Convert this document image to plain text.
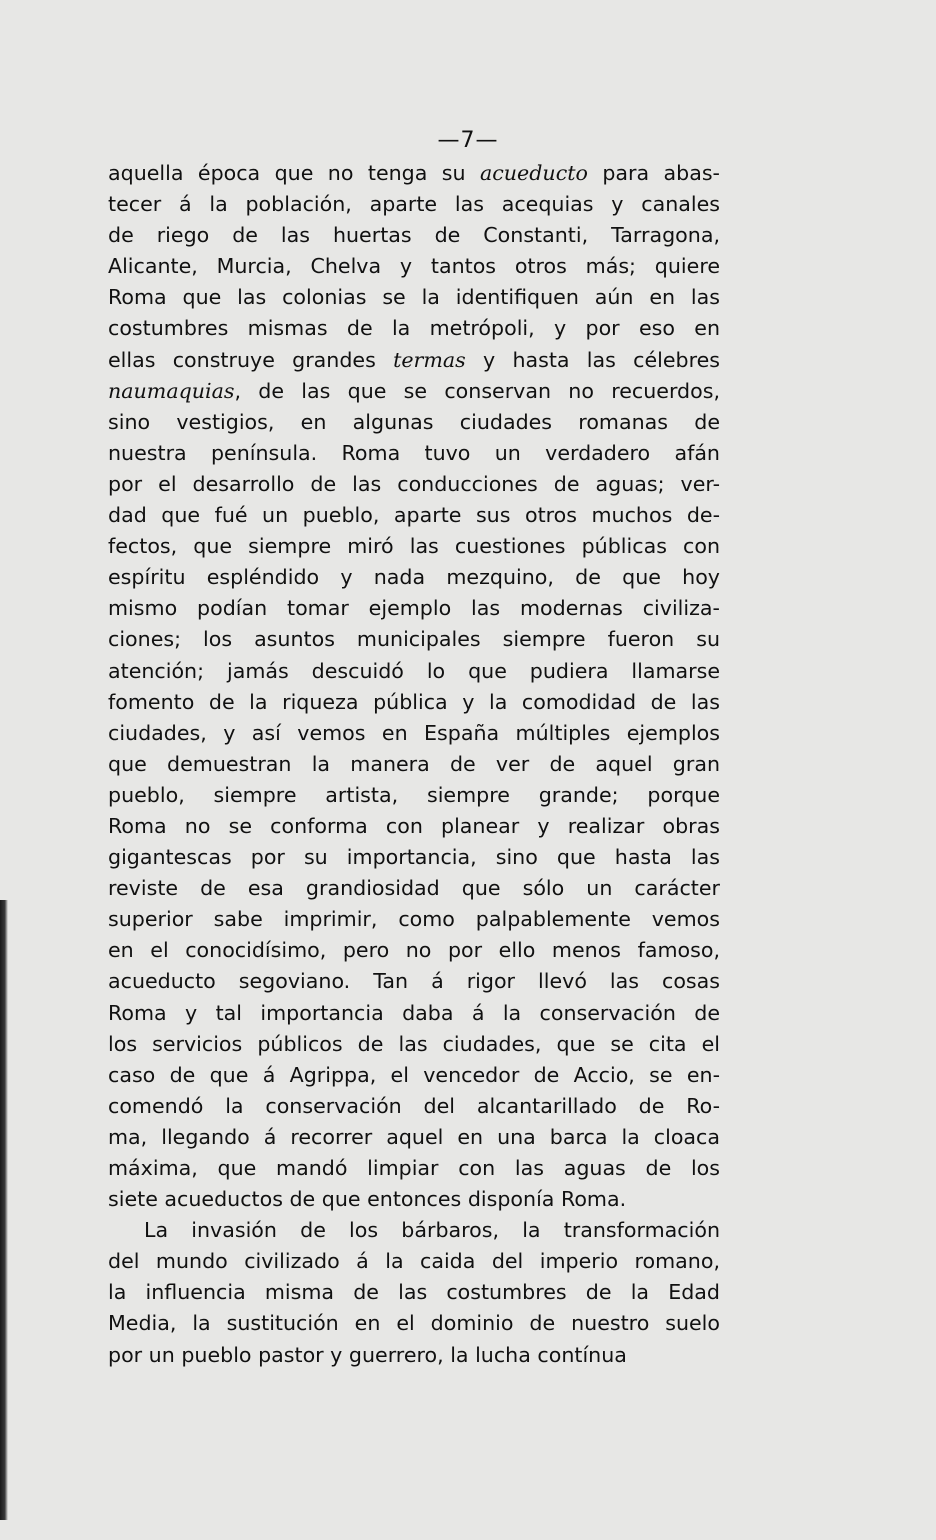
—7—
aquella época que no tenga su acueducto para abas-
tecer á la población, aparte las acequias y canales
de riego de las huertas de Constanti, Tarragona,
Alicante, Murcia, Chelva y tantos otros más; quiere
Roma que las colonias se la identifiquen aún en las
costumbres mismas de la metrópoli, y por eso en
ellas construye grandes termas y hasta las célebres
naumaquias, de las que se conservan no recuerdos,
sino vestigios, en algunas ciudades romanas de
nuestra península. Roma tuvo un verdadero afán
por el desarrollo de las conducciones de aguas; ver-
dad que fué un pueblo, aparte sus otros muchos de-
fectos, que siempre miró las cuestiones públicas con
espíritu espléndido y nada mezquino, de que hoy
mismo podían tomar ejemplo las modernas civiliza-
ciones; los asuntos municipales siempre fueron su
atención; jamás descuidó lo que pudiera llamarse
fomento de la riqueza pública y la comodidad de las
ciudades, y así vemos en España múltiples ejemplos
que demuestran la manera de ver de aquel gran
pueblo, siempre artista, siempre grande; porque
Roma no se conforma con planear y realizar obras
gigantescas por su importancia, sino que hasta las
reviste de esa grandiosidad que sólo un carácter
superior sabe imprimir, como palpablemente vemos
en el conocidísimo, pero no por ello menos famoso,
acueducto segoviano. Tan á rigor llevó las cosas
Roma y tal importancia daba á la conservación de
los servicios públicos de las ciudades, que se cita el
caso de que á Agrippa, el vencedor de Accio, se en-
comendó la conservación del alcantarillado de Ro-
ma, llegando á recorrer aquel en una barca la cloaca
máxima, que mandó limpiar con las aguas de los
siete acueductos de que entonces disponía Roma.
La invasión de los bárbaros, la transformación
del mundo civilizado á la caida del imperio romano,
la influencia misma de las costumbres de la Edad
Media, la sustitución en el dominio de nuestro suelo
por un pueblo pastor y guerrero, la lucha contínua
